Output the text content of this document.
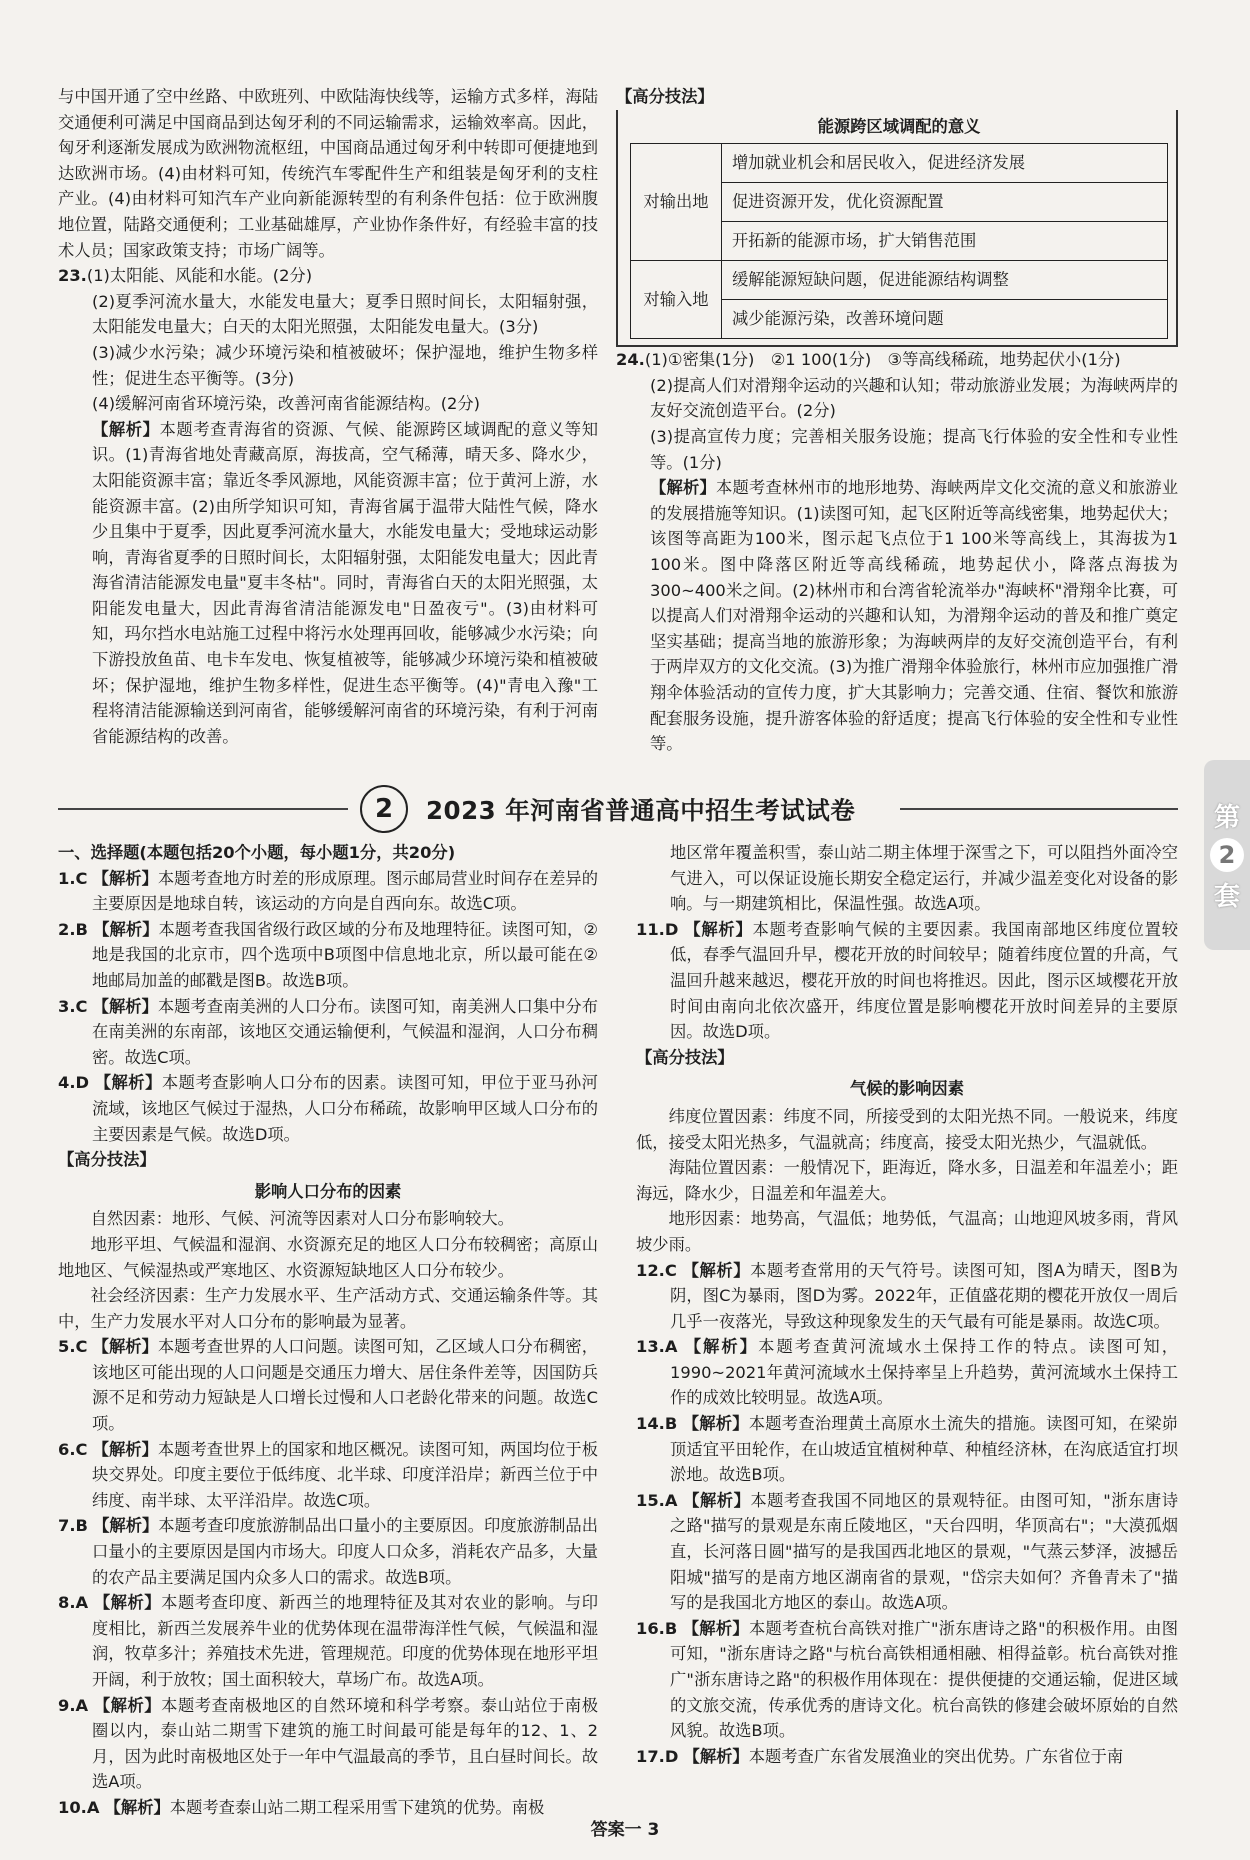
与中国开通了空中丝路、中欧班列、中欧陆海快线等，运输方式多样，海陆交通便利可满足中国商品到达匈牙利的不同运输需求，运输效率高。因此，匈牙利逐渐发展成为欧洲物流枢纽，中国商品通过匈牙利中转即可便捷地到达欧洲市场。(4)由材料可知，传统汽车零配件生产和组装是匈牙利的支柱产业。(4)由材料可知汽车产业向新能源转型的有利条件包括：位于欧洲腹地位置，陆路交通便利；工业基础雄厚，产业协作条件好，有经验丰富的技术人员；国家政策支持；市场广阔等。

23.(1)太阳能、风能和水能。(2分)

(2)夏季河流水量大，水能发电量大；夏季日照时间长，太阳辐射强，太阳能发电量大；白天的太阳光照强，太阳能发电量大。(3分)

(3)减少水污染；减少环境污染和植被破坏；保护湿地，维护生物多样性；促进生态平衡等。(3分)

(4)缓解河南省环境污染，改善河南省能源结构。(2分)

【解析】本题考查青海省的资源、气候、能源跨区域调配的意义等知识。(1)青海省地处青藏高原，海拔高，空气稀薄，晴天多、降水少，太阳能资源丰富；靠近冬季风源地，风能资源丰富；位于黄河上游，水能资源丰富。(2)由所学知识可知，青海省属于温带大陆性气候，降水少且集中于夏季，因此夏季河流水量大，水能发电量大；受地球运动影响，青海省夏季的日照时间长，太阳辐射强，太阳能发电量大；因此青海省清洁能源发电量"夏丰冬枯"。同时，青海省白天的太阳光照强，太阳能发电量大，因此青海省清洁能源发电"日盈夜亏"。(3)由材料可知，玛尔挡水电站施工过程中将污水处理再回收，能够减少水污染；向下游投放鱼苗、电卡车发电、恢复植被等，能够减少环境污染和植被破坏；保护湿地，维护生物多样性，促进生态平衡等。(4)"青电入豫"工程将清洁能源输送到河南省，能够缓解河南省的环境污染，有利于河南省能源结构的改善。

【高分技法】

能源跨区域调配的意义

对输出地	增加就业机会和居民收入，促进经济发展
	促进资源开发，优化资源配置
	开拓新的能源市场，扩大销售范围
对输入地	缓解能源短缺问题，促进能源结构调整
	减少能源污染，改善环境问题

24.(1)①密集(1分)　②1 100(1分)　③等高线稀疏，地势起伏小(1分)

(2)提高人们对滑翔伞运动的兴趣和认知；带动旅游业发展；为海峡两岸的友好交流创造平台。(2分)

(3)提高宣传力度；完善相关服务设施；提高飞行体验的安全性和专业性等。(1分)

【解析】本题考查林州市的地形地势、海峡两岸文化交流的意义和旅游业的发展措施等知识。(1)读图可知，起飞区附近等高线密集，地势起伏大；该图等高距为100米，图示起飞点位于1 100米等高线上，其海拔为1 100米。图中降落区附近等高线稀疏，地势起伏小，降落点海拔为300~400米之间。(2)林州市和台湾省轮流举办"海峡杯"滑翔伞比赛，可以提高人们对滑翔伞运动的兴趣和认知，为滑翔伞运动的普及和推广奠定坚实基础；提高当地的旅游形象；为海峡两岸的友好交流创造平台，有利于两岸双方的文化交流。(3)为推广滑翔伞体验旅行，林州市应加强推广滑翔伞体验活动的宣传力度，扩大其影响力；完善交通、住宿、餐饮和旅游配套服务设施，提升游客体验的舒适度；提高飞行体验的安全性和专业性等。

2	2023 年河南省普通高中招生考试试卷	第
2
套

一、选择题(本题包括20个小题，每小题1分，共20分)

1.C 【解析】本题考查地方时差的形成原理。图示邮局营业时间存在差异的主要原因是地球自转，该运动的方向是自西向东。故选C项。

2.B 【解析】本题考查我国省级行政区域的分布及地理特征。读图可知，②地是我国的北京市，四个选项中B项图中信息地北京，所以最可能在②地邮局加盖的邮戳是图B。故选B项。

3.C 【解析】本题考查南美洲的人口分布。读图可知，南美洲人口集中分布在南美洲的东南部，该地区交通运输便利，气候温和湿润，人口分布稠密。故选C项。

4.D 【解析】本题考查影响人口分布的因素。读图可知，甲位于亚马孙河流域，该地区气候过于湿热，人口分布稀疏，故影响甲区域人口分布的主要因素是气候。故选D项。

【高分技法】

影响人口分布的因素

自然因素：地形、气候、河流等因素对人口分布影响较大。

地形平坦、气候温和湿润、水资源充足的地区人口分布较稠密；高原山地地区、气候湿热或严寒地区、水资源短缺地区人口分布较少。

社会经济因素：生产力发展水平、生产活动方式、交通运输条件等。其中，生产力发展水平对人口分布的影响最为显著。

5.C 【解析】本题考查世界的人口问题。读图可知，乙区域人口分布稠密，该地区可能出现的人口问题是交通压力增大、居住条件差等，因国防兵源不足和劳动力短缺是人口增长过慢和人口老龄化带来的问题。故选C项。

6.C 【解析】本题考查世界上的国家和地区概况。读图可知，两国均位于板块交界处。印度主要位于低纬度、北半球、印度洋沿岸；新西兰位于中纬度、南半球、太平洋沿岸。故选C项。

7.B 【解析】本题考查印度旅游制品出口量小的主要原因。印度旅游制品出口量小的主要原因是国内市场大。印度人口众多，消耗农产品多，大量的农产品主要满足国内众多人口的需求。故选B项。

8.A 【解析】本题考查印度、新西兰的地理特征及其对农业的影响。与印度相比，新西兰发展养牛业的优势体现在温带海洋性气候，气候温和湿润，牧草多汁；养殖技术先进，管理规范。印度的优势体现在地形平坦开阔，利于放牧；国土面积较大，草场广布。故选A项。

9.A 【解析】本题考查南极地区的自然环境和科学考察。泰山站位于南极圈以内，泰山站二期雪下建筑的施工时间最可能是每年的12、1、2月，因为此时南极地区处于一年中气温最高的季节，且白昼时间长。故选A项。

10.A 【解析】本题考查泰山站二期工程采用雪下建筑的优势。南极

地区常年覆盖积雪，泰山站二期主体埋于深雪之下，可以阻挡外面冷空气进入，可以保证设施长期安全稳定运行，并减少温差变化对设备的影响。与一期建筑相比，保温性强。故选A项。

11.D 【解析】本题考查影响气候的主要因素。我国南部地区纬度位置较低，春季气温回升早，樱花开放的时间较早；随着纬度位置的升高，气温回升越来越迟，樱花开放的时间也将推迟。因此，图示区域樱花开放时间由南向北依次盛开，纬度位置是影响樱花开放时间差异的主要原因。故选D项。

【高分技法】

气候的影响因素

纬度位置因素：纬度不同，所接受到的太阳光热不同。一般说来，纬度低，接受太阳光热多，气温就高；纬度高，接受太阳光热少，气温就低。

海陆位置因素：一般情况下，距海近，降水多，日温差和年温差小；距海远，降水少，日温差和年温差大。

地形因素：地势高，气温低；地势低，气温高；山地迎风坡多雨，背风坡少雨。

12.C 【解析】本题考查常用的天气符号。读图可知，图A为晴天，图B为阴，图C为暴雨，图D为雾。2022年，正值盛花期的樱花开放仅一周后几乎一夜落光，导致这种现象发生的天气最有可能是暴雨。故选C项。

13.A 【解析】本题考查黄河流域水土保持工作的特点。读图可知，1990~2021年黄河流域水土保持率呈上升趋势，黄河流域水土保持工作的成效比较明显。故选A项。

14.B 【解析】本题考查治理黄土高原水土流失的措施。读图可知，在梁峁顶适宜平田轮作，在山坡适宜植树种草、种植经济林，在沟底适宜打坝淤地。故选B项。

15.A 【解析】本题考查我国不同地区的景观特征。由图可知，"浙东唐诗之路"描写的景观是东南丘陵地区，"天台四明，华顶高右"；"大漠孤烟直，长河落日圆"描写的是我国西北地区的景观，"气蒸云梦泽，波撼岳阳城"描写的是南方地区湖南省的景观，"岱宗夫如何？齐鲁青未了"描写的是我国北方地区的泰山。故选A项。

16.B 【解析】本题考查杭台高铁对推广"浙东唐诗之路"的积极作用。由图可知，"浙东唐诗之路"与杭台高铁相通相融、相得益彰。杭台高铁对推广"浙东唐诗之路"的积极作用体现在：提供便捷的交通运输，促进区域的文旅交流，传承优秀的唐诗文化。杭台高铁的修建会破坏原始的自然风貌。故选B项。

17.D 【解析】本题考查广东省发展渔业的突出优势。广东省位于南

答案一 3
